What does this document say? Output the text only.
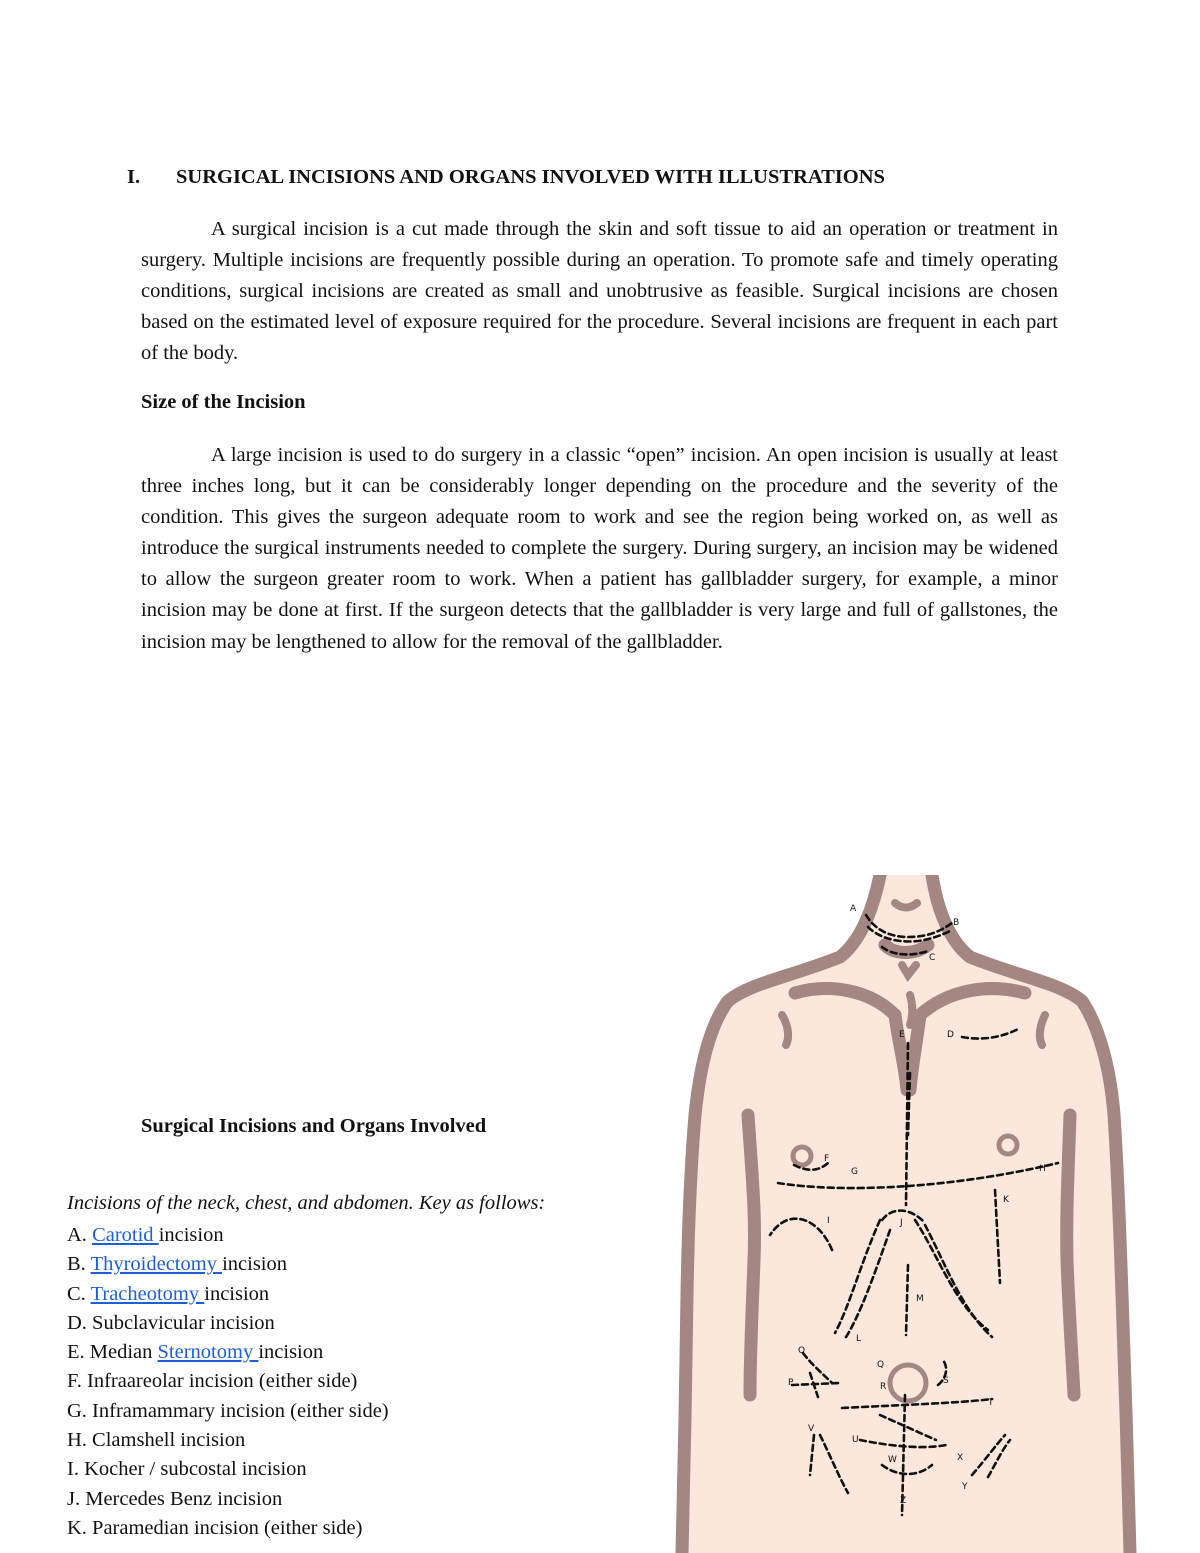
I. SURGICAL INCISIONS AND ORGANS INVOLVED WITH ILLUSTRATIONS

A surgical incision is a cut made through the skin and soft tissue to aid an operation or treatment in surgery. Multiple incisions are frequently possible during an operation. To promote safe and timely operating conditions, surgical incisions are created as small and unobtrusive as feasible. Surgical incisions are chosen based on the estimated level of exposure required for the procedure. Several incisions are frequent in each part of the body.

Size of the Incision

A large incision is used to do surgery in a classic “open” incision. An open incision is usually at least three inches long, but it can be considerably longer depending on the procedure and the severity of the condition. This gives the surgeon adequate room to work and see the region being worked on, as well as introduce the surgical instruments needed to complete the surgery. During surgery, an incision may be widened to allow the surgeon greater room to work. When a patient has gallbladder surgery, for example, a minor incision may be done at first. If the surgeon detects that the gallbladder is very large and full of gallstones, the incision may be lengthened to allow for the removal of the gallbladder.

Surgical Incisions and Organs Involved
Incisions of the neck, chest, and abdomen. Key as follows:
A. Carotid incision
B. Thyroidectomy incision
C. Tracheotomy incision
D. Subclavicular incision
E. Median Sternotomy incision
F. Infraareolar incision (either side)
G. Inframammary incision (either side)
H. Clamshell incision
I. Kocher / subcostal incision
J. Mercedes Benz incision
K. Paramedian incision (either side)
A
B
C
D
E
F
G	H
I	J
K
L
M
O
P
Q
R
S
T
U
V
W	X
Y
Z
